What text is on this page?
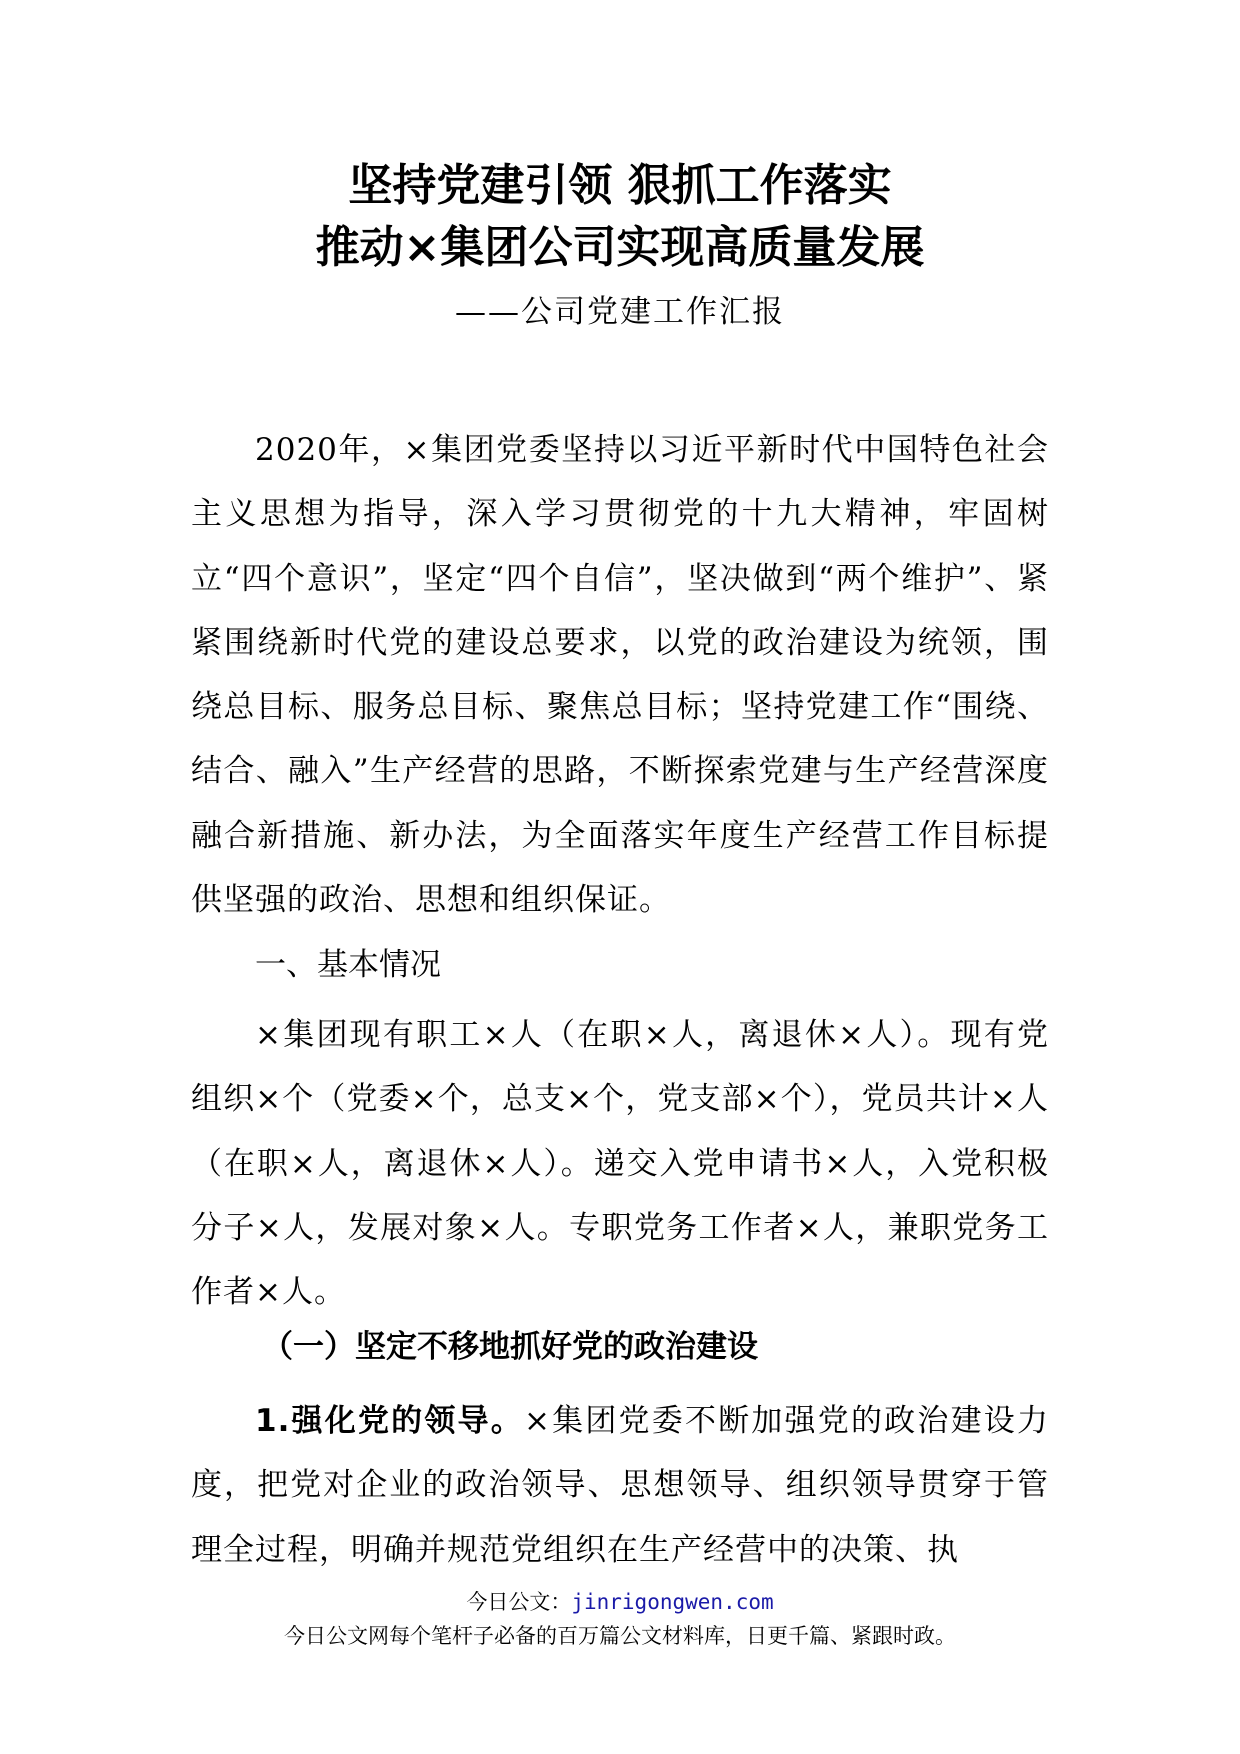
坚持党建引领 狠抓工作落实
推动×集团公司实现高质量发展
——公司党建工作汇报

2020年，×集团党委坚持以习近平新时代中国特色社会主义思想为指导，深入学习贯彻党的十九大精神，牢固树立“四个意识”，坚定“四个自信”，坚决做到“两个维护”、紧紧围绕新时代党的建设总要求，以党的政治建设为统领，围绕总目标、服务总目标、聚焦总目标；坚持党建工作“围绕、结合、融入”生产经营的思路，不断探索党建与生产经营深度融合新措施、新办法，为全面落实年度生产经营工作目标提供坚强的政治、思想和组织保证。

一、基本情况

×集团现有职工×人（在职×人，离退休×人）。现有党组织×个（党委×个，总支×个，党支部×个），党员共计×人（在职×人，离退休×人）。递交入党申请书×人，入党积极分子×人，发展对象×人。专职党务工作者×人，兼职党务工作者×人。

（一）坚定不移地抓好党的政治建设

1.强化党的领导。×集团党委不断加强党的政治建设力度，把党对企业的政治领导、思想领导、组织领导贯穿于管理全过程，明确并规范党组织在生产经营中的决策、执

今日公文：jinrigongwen.com
今日公文网每个笔杆子必备的百万篇公文材料库，日更千篇、紧跟时政。
